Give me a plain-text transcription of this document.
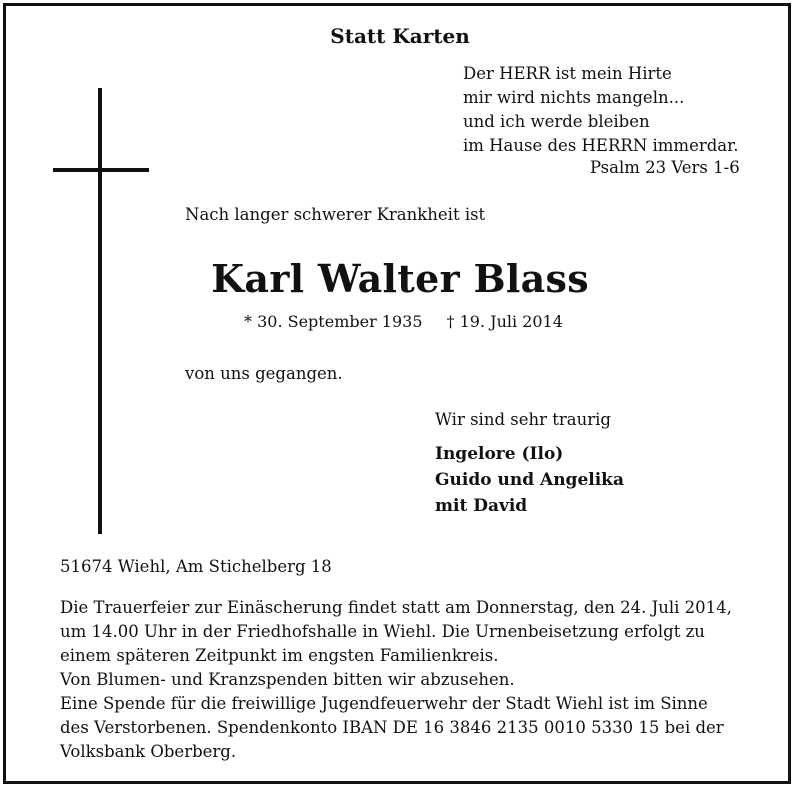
Statt Karten
Der HERR ist mein Hirte
mir wird nichts mangeln...
und ich werde bleiben
im Hause des HERRN immerdar.
Psalm 23 Vers 1-6
Nach langer schwerer Krankheit ist
Karl Walter Blass
* 30. September 1935 † 19. Juli 2014
von uns gegangen.
Wir sind sehr traurig
Ingelore (Ilo)
Guido und Angelika
mit David
51674 Wiehl, Am Stichelberg 18
Die Trauerfeier zur Einäscherung findet statt am Donnerstag, den 24. Juli 2014,
um 14.00 Uhr in der Friedhofshalle in Wiehl. Die Urnenbeisetzung erfolgt zu
einem späteren Zeitpunkt im engsten Familienkreis.
Von Blumen- und Kranzspenden bitten wir abzusehen.
Eine Spende für die freiwillige Jugendfeuerwehr der Stadt Wiehl ist im Sinne
des Verstorbenen. Spendenkonto IBAN DE 16 3846 2135 0010 5330 15 bei der
Volksbank Oberberg.
